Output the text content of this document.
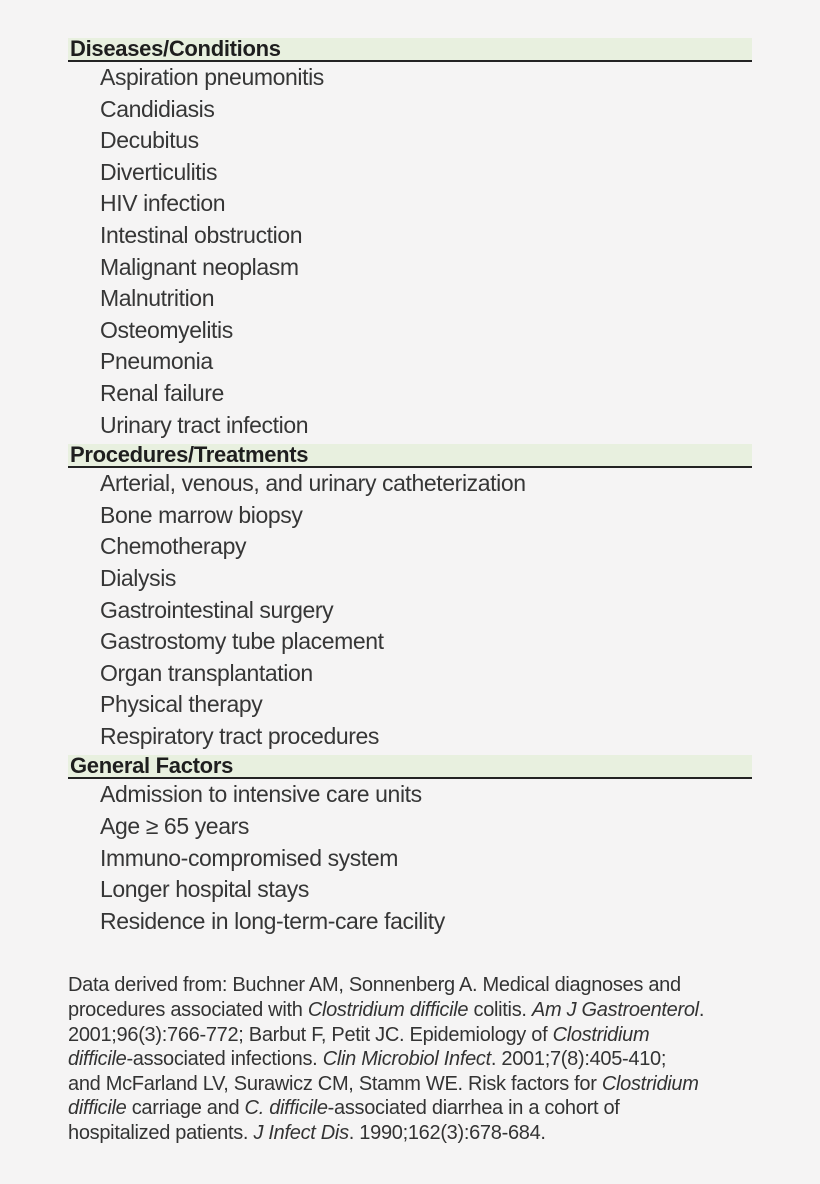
Diseases/Conditions
Aspiration pneumonitis
Candidiasis
Decubitus
Diverticulitis
HIV infection
Intestinal obstruction
Malignant neoplasm
Malnutrition
Osteomyelitis
Pneumonia
Renal failure
Urinary tract infection
Procedures/Treatments
Arterial, venous, and urinary catheterization
Bone marrow biopsy
Chemotherapy
Dialysis
Gastrointestinal surgery
Gastrostomy tube placement
Organ transplantation
Physical therapy
Respiratory tract procedures
General Factors
Admission to intensive care units
Age ≥ 65 years
Immuno-compromised system
Longer hospital stays
Residence in long-term-care facility
Data derived from: Buchner AM, Sonnenberg A. Medical diagnoses and
procedures associated with Clostridium difficile colitis. Am J Gastroenterol.
2001;96(3):766-772; Barbut F, Petit JC. Epidemiology of Clostridium
difficile-associated infections. Clin Microbiol Infect. 2001;7(8):405-410;
and McFarland LV, Surawicz CM, Stamm WE. Risk factors for Clostridium
difficile carriage and C. difficile-associated diarrhea in a cohort of
hospitalized patients. J Infect Dis. 1990;162(3):678-684.
